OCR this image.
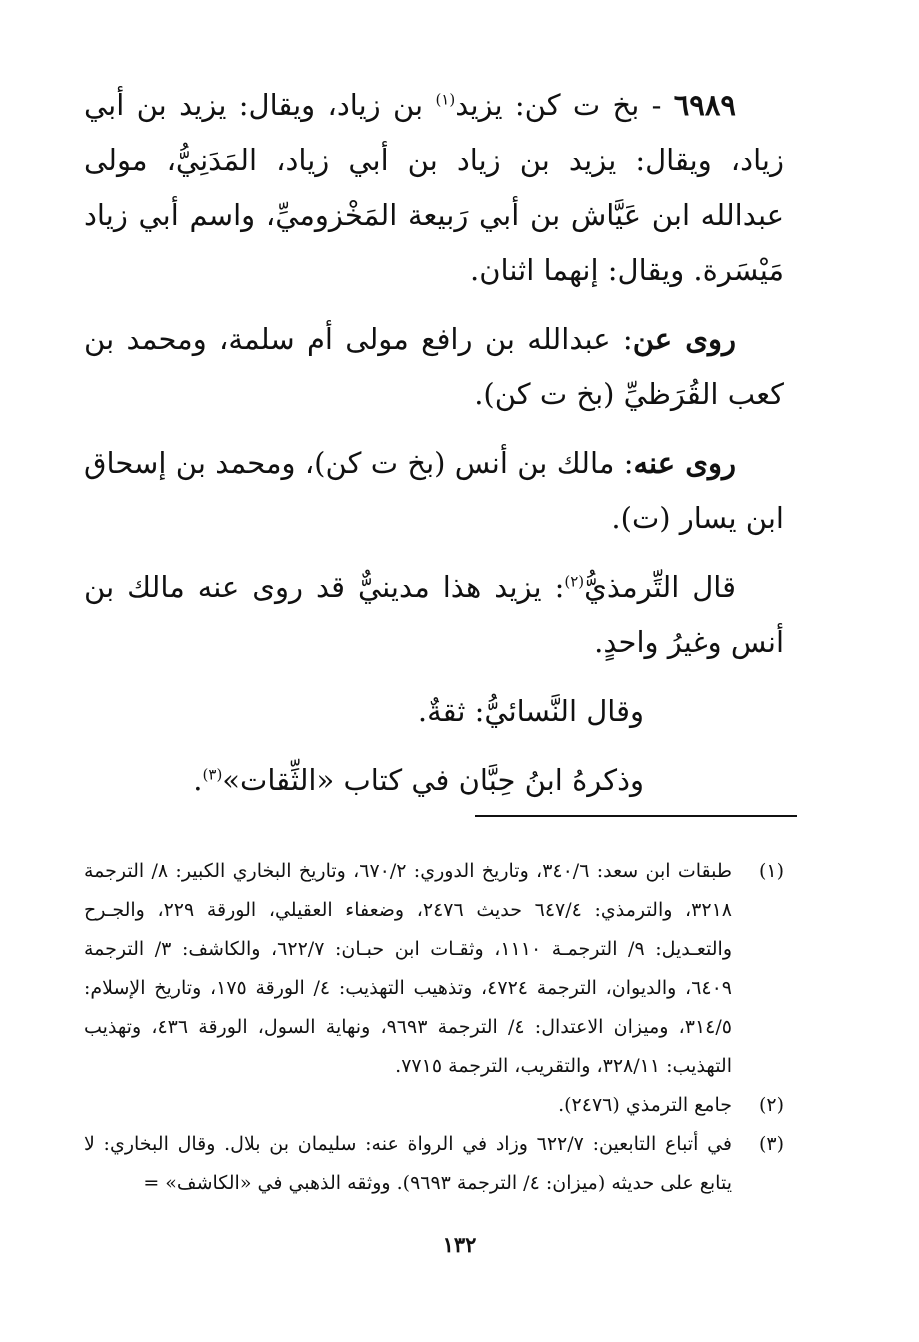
٦٩٨٩ - بخ ت كن: يزيد$^{(١)}$ بن زياد، ويقال: يزيد بن أبي زياد، ويقال: يزيد بن زياد بن أبي زياد، المَدَنِيُّ، مولى عبدالله ابن عَيَّاش بن أبي رَبيعة المَخْزوميِّ، واسم أبي زياد مَيْسَرة. ويقال: إنهما اثنان.

روى عن: عبدالله بن رافع مولى أم سلمة، ومحمد بن كعب القُرَظيِّ (بخ ت كن).

روى عنه: مالك بن أنس (بخ ت كن)، ومحمد بن إسحاق ابن يسار (ت).

قال التِّرمذيُّ$^{(٢)}$: يزيد هذا مدينيٌّ قد روى عنه مالك بن أنس وغيرُ واحدٍ.

وقال النَّسائيُّ: ثقةٌ.

وذكرهُ ابنُ حِبَّان في كتاب «الثِّقات»$^{(٣)}$.

(١)
طبقات ابن سعد: ٣٤٠/٦، وتاريخ الدوري: ٦٧٠/٢، وتاريخ البخاري الكبير: ٨/ الترجمة ٣٢١٨، والترمذي: ٦٤٧/٤ حديث ٢٤٧٦، وضعفاء العقيلي، الورقة ٢٢٩، والجـرح والتعـديل: ٩/ الترجمـة ١١١٠، وثقـات ابن حبـان: ٦٢٢/٧، والكاشف: ٣/ الترجمة ٦٤٠٩، والديوان، الترجمة ٤٧٢٤، وتذهيب التهذيب: ٤/ الورقة ١٧٥، وتاريخ الإسلام: ٣١٤/٥، وميزان الاعتدال: ٤/ الترجمة ٩٦٩٣، ونهاية السول، الورقة ٤٣٦، وتهذيب التهذيب: ٣٢٨/١١، والتقريب، الترجمة ٧٧١٥.

(٢)
جامع الترمذي (٢٤٧٦).

(٣)
في أتباع التابعين: ٦٢٢/٧ وزاد في الرواة عنه: سليمان بن بلال. وقال البخاري: لا يتابع على حديثه (ميزان: ٤/ الترجمة ٩٦٩٣). ووثقه الذهبي في «الكاشف» =

١٣٢
